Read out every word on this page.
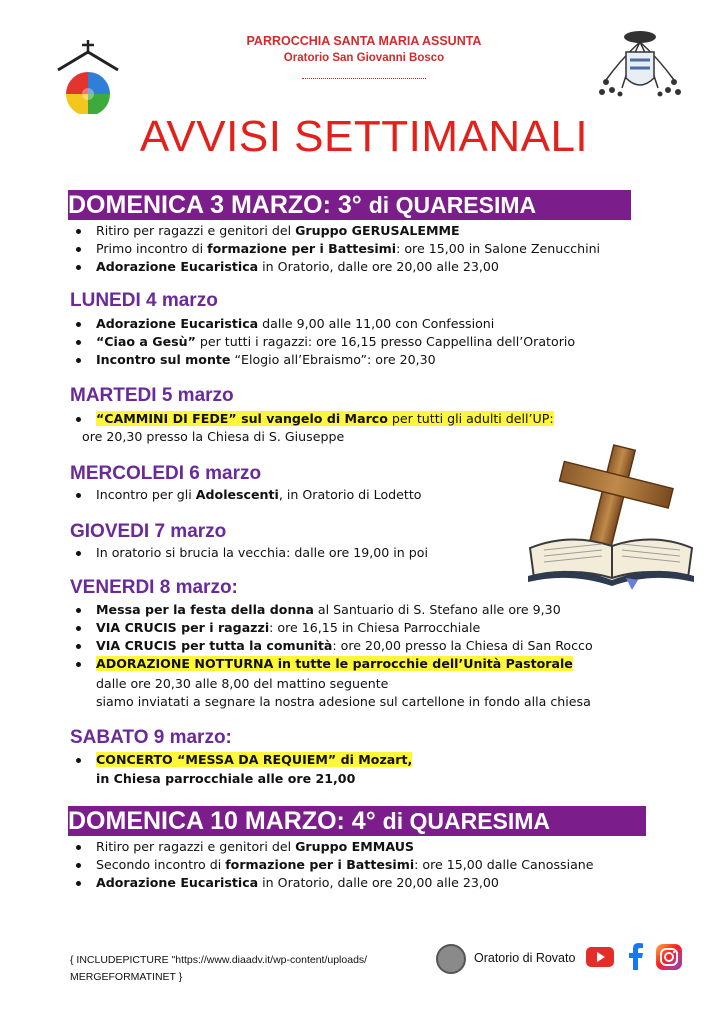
PARROCCHIA SANTA MARIA ASSUNTA
Oratorio San Giovanni Bosco
AVVISI SETTIMANALI
DOMENICA 3 MARZO: 3° di QUARESIMA
Ritiro per ragazzi e genitori del Gruppo GERUSALEMME
Primo incontro di formazione per i Battesimi: ore 15,00 in Salone Zenucchini
Adorazione Eucaristica in Oratorio, dalle ore 20,00 alle 23,00
LUNEDI 4 marzo
Adorazione Eucaristica dalle 9,00 alle 11,00 con Confessioni
“Ciao a Gesù” per tutti i ragazzi: ore 16,15 presso Cappellina dell’Oratorio
Incontro sul monte “Elogio all’Ebraismo”: ore 20,30
MARTEDI 5 marzo
“CAMMINI DI FEDE” sul vangelo di Marco per tutti gli adulti dell’UP:
ore 20,30 presso la Chiesa di S. Giuseppe
MERCOLEDI 6 marzo
Incontro per gli Adolescenti, in Oratorio di Lodetto
GIOVEDI 7 marzo
In oratorio si brucia la vecchia: dalle ore 19,00 in poi
VENERDI 8 marzo:
Messa per la festa della donna al Santuario di S. Stefano alle ore 9,30
VIA CRUCIS per i ragazzi: ore 16,15 in Chiesa Parrocchiale
VIA CRUCIS per tutta la comunità: ore 20,00 presso la Chiesa di San Rocco
ADORAZIONE NOTTURNA in tutte le parrocchie dell’Unità Pastorale
dalle ore 20,30 alle 8,00 del mattino seguente
siamo inviatati a segnare la nostra adesione sul cartellone in fondo alla chiesa
SABATO 9 marzo:
CONCERTO “MESSA DA REQUIEM” di Mozart,
in Chiesa parrocchiale alle ore 21,00
DOMENICA 10 MARZO: 4° di QUARESIMA
Ritiro per ragazzi e genitori del Gruppo EMMAUS
Secondo incontro di formazione per i Battesimi: ore 15,00 dalle Canossiane
Adorazione Eucaristica in Oratorio, dalle ore 20,00 alle 23,00
{ INCLUDEPICTURE "https://www.diaadv.it/wp-content/uploads/
MERGEFORMATINET }
Oratorio di Rovato
